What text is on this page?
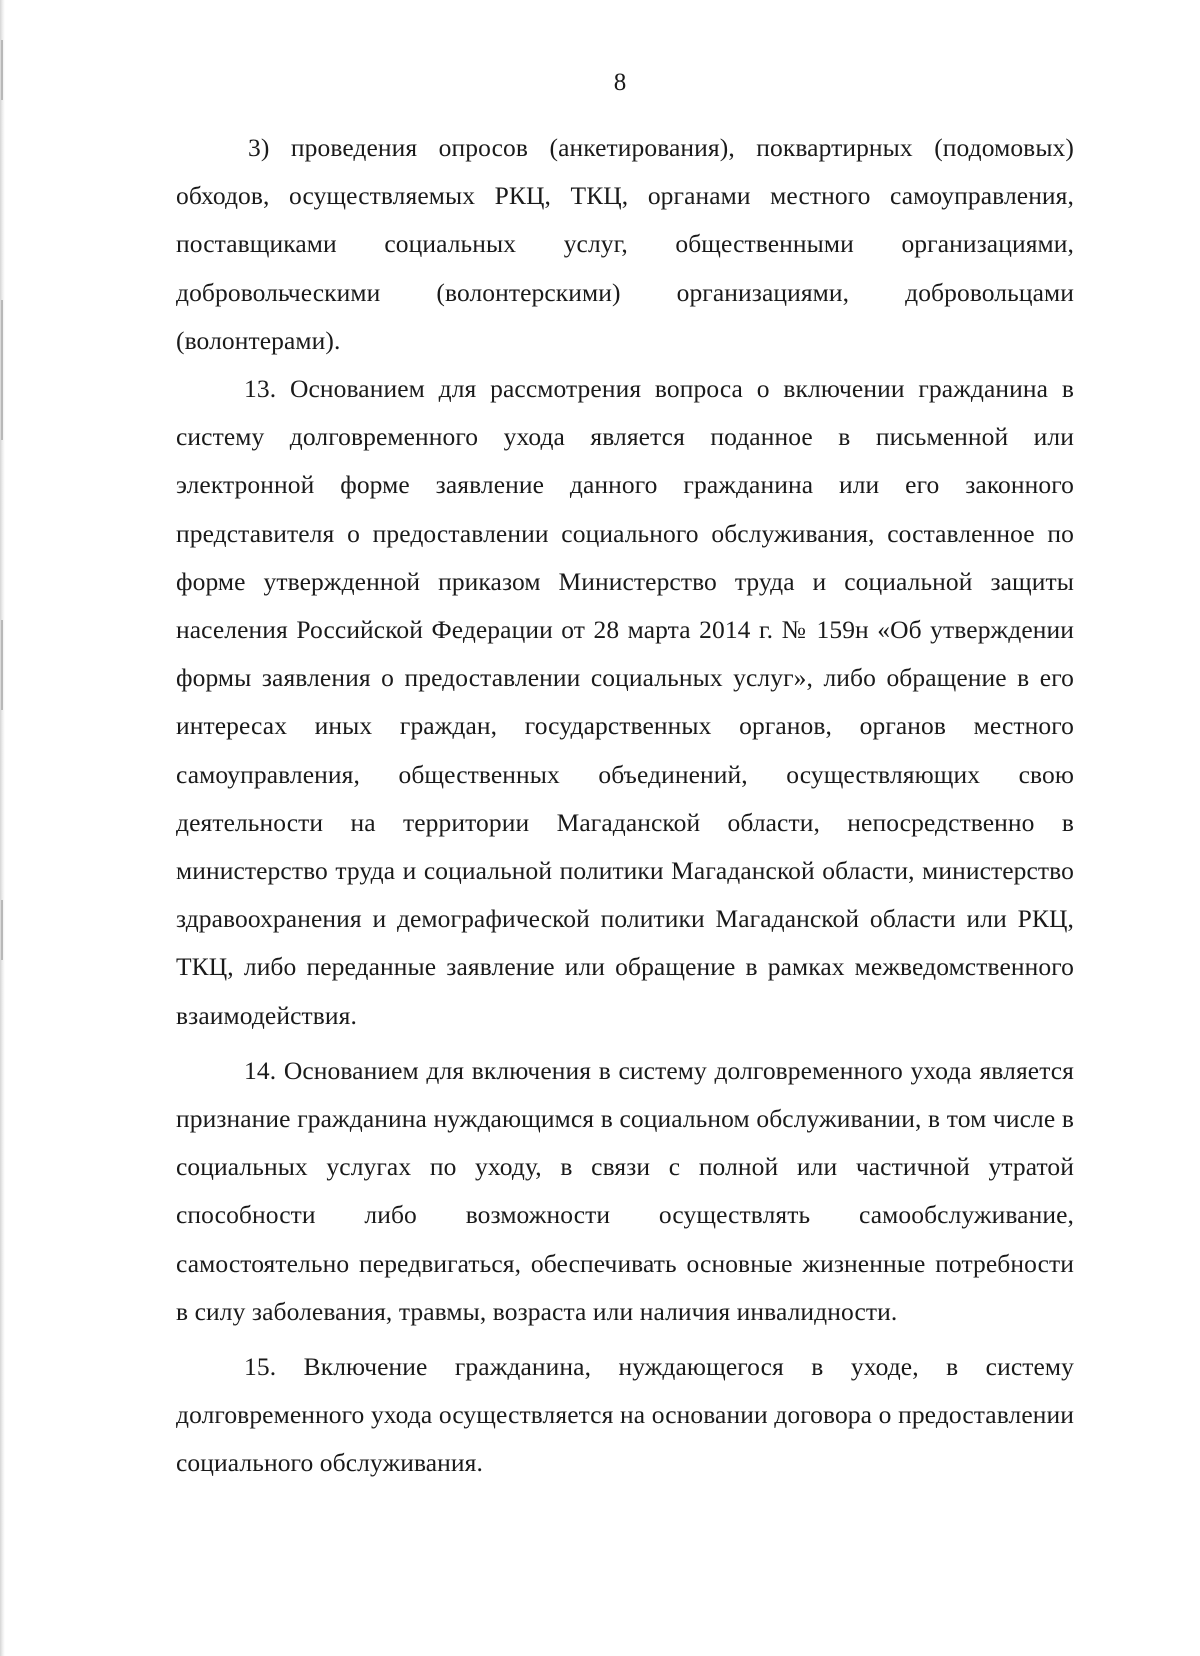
8

3) проведения опросов (анкетирования), поквартирных (подомовых) обходов, осуществляемых РКЦ, ТКЦ, органами местного самоуправления, поставщиками социальных услуг, общественными организациями, добровольческими (волонтерскими) организациями, добровольцами (волонтерами).

13. Основанием для рассмотрения вопроса о включении гражданина в систему долговременного ухода является поданное в письменной или электронной форме заявление данного гражданина или его законного представителя о предоставлении социального обслуживания, составленное по форме утвержденной приказом Министерство труда и социальной защиты населения Российской Федерации от 28 марта 2014 г. № 159н «Об утверждении формы заявления о предоставлении социальных услуг», либо обращение в его интересах иных граждан, государственных органов, органов местного самоуправления, общественных объединений, осуществляющих свою деятельности на территории Магаданской области, непосредственно в министерство труда и социальной политики Магаданской области, министерство здравоохранения и демографической политики Магаданской области или РКЦ, ТКЦ, либо переданные заявление или обращение в рамках межведомственного взаимодействия.

14. Основанием для включения в систему долговременного ухода является признание гражданина нуждающимся в социальном обслуживании, в том числе в социальных услугах по уходу, в связи с полной или частичной утратой способности либо возможности осуществлять самообслуживание, самостоятельно передвигаться, обеспечивать основные жизненные потребности в силу заболевания, травмы, возраста или наличия инвалидности.

15. Включение гражданина, нуждающегося в уходе, в систему долговременного ухода осуществляется на основании договора о предоставлении социального обслуживания.
